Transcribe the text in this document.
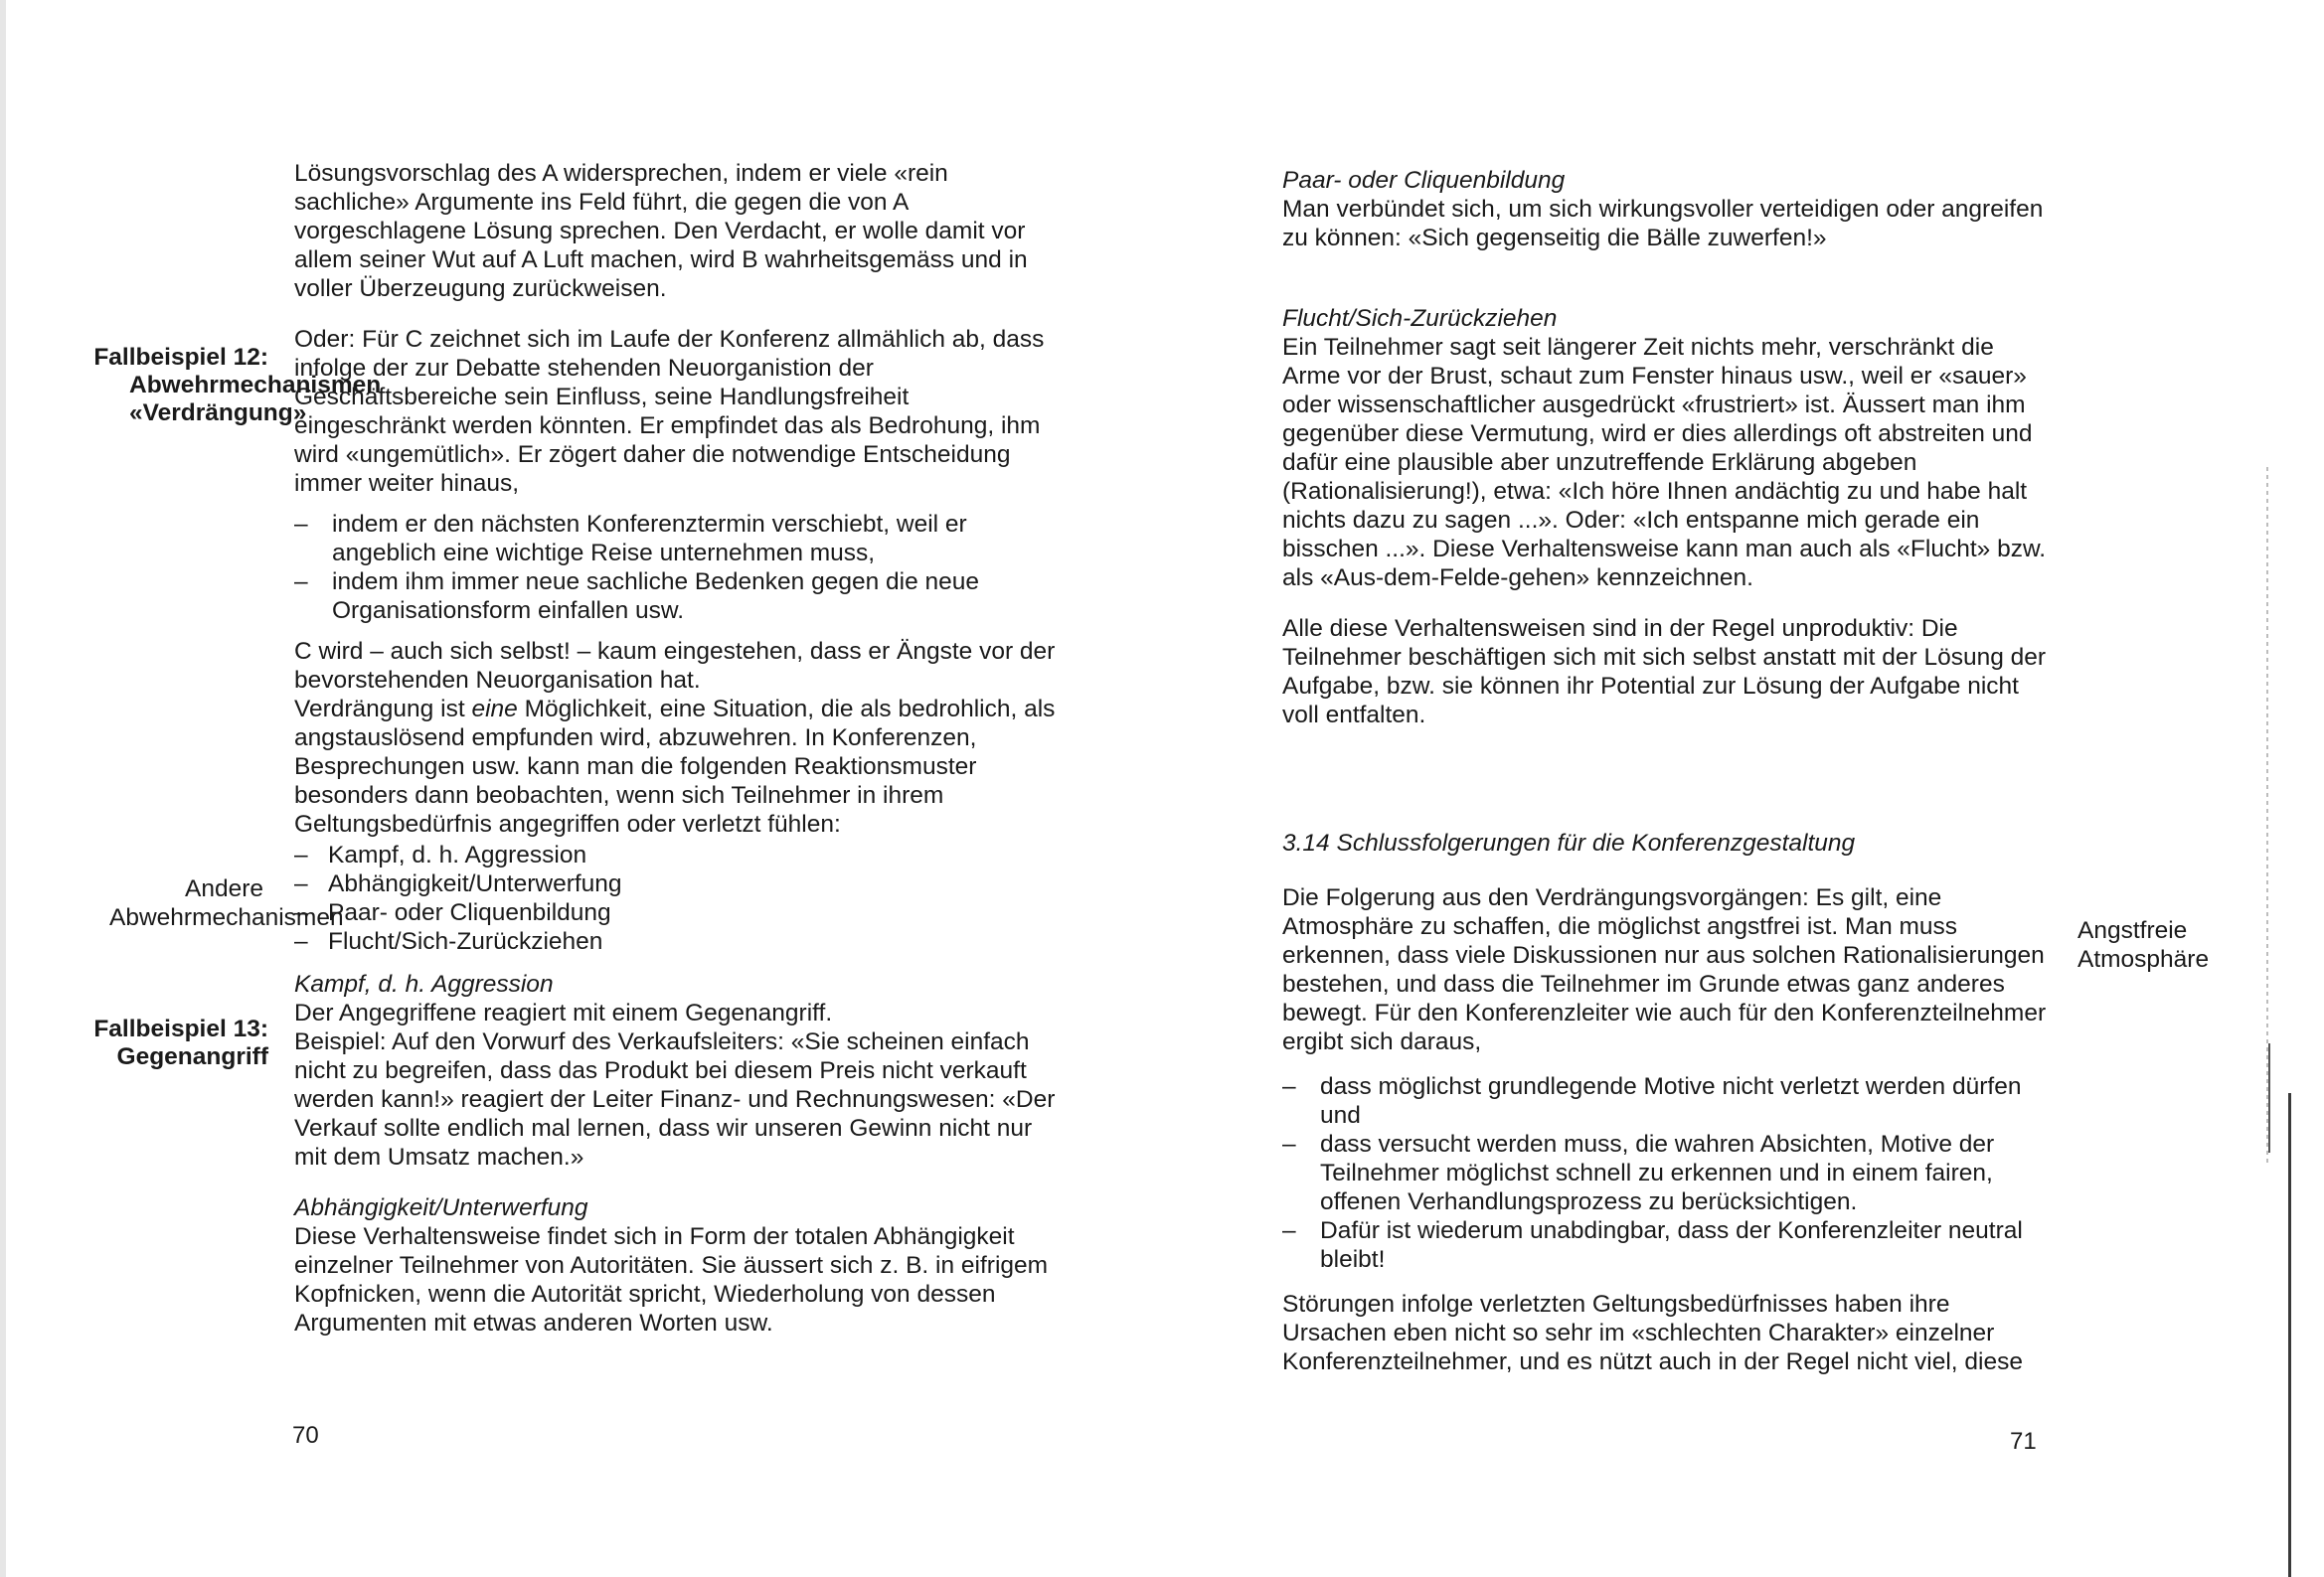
Lösungsvorschlag des A widersprechen, indem er viele «rein sachliche» Argumente ins Feld führt, die gegen die von A vorgeschlagene Lösung sprechen. Den Verdacht, er wolle damit vor allem seiner Wut auf A Luft machen, wird B wahrheitsgemäss und in voller Überzeugung zurückweisen.

Oder: Für C zeichnet sich im Laufe der Konferenz allmählich ab, dass infolge der zur Debatte stehenden Neuorganistion der Geschäftsbereiche sein Einfluss, seine Handlungsfreiheit eingeschränkt werden könnten. Er empfindet das als Bedrohung, ihm wird «ungemütlich». Er zögert daher die notwendige Entscheidung immer weiter hinaus,

– indem er den nächsten Konferenztermin verschiebt, weil er angeblich eine wichtige Reise unternehmen muss,
– indem ihm immer neue sachliche Bedenken gegen die neue Organisationsform einfallen usw.

C wird – auch sich selbst! – kaum eingestehen, dass er Ängste vor der bevorstehenden Neuorganisation hat.

Verdrängung ist eine Möglichkeit, eine Situation, die als bedrohlich, als angstauslösend empfunden wird, abzuwehren. In Konferenzen, Besprechungen usw. kann man die folgenden Reaktionsmuster besonders dann beobachten, wenn sich Teilnehmer in ihrem Geltungsbedürfnis angegriffen oder verletzt fühlen:

– Kampf, d. h. Aggression
– Abhängigkeit/Unterwerfung
– Paar- oder Cliquenbildung
– Flucht/Sich-Zurückziehen

Kampf, d. h. Aggression

Der Angegriffene reagiert mit einem Gegenangriff.

Beispiel: Auf den Vorwurf des Verkaufsleiters: «Sie scheinen einfach nicht zu begreifen, dass das Produkt bei diesem Preis nicht verkauft werden kann!» reagiert der Leiter Finanz- und Rechnungswesen: «Der Verkauf sollte endlich mal lernen, dass wir unseren Gewinn nicht nur mit dem Umsatz machen.»

Abhängigkeit/Unterwerfung

Diese Verhaltensweise findet sich in Form der totalen Abhängigkeit einzelner Teilnehmer von Autoritäten. Sie äussert sich z. B. in eifrigem Kopfnicken, wenn die Autorität spricht, Wiederholung von dessen Argumenten mit etwas anderen Worten usw.

Fallbeispiel 12:
Abwehrmechanismen «Verdrängung»
Andere Abwehrmechanismen
Fallbeispiel 13:
Gegenangriff
70

Paar- oder Cliquenbildung

Man verbündet sich, um sich wirkungsvoller verteidigen oder angreifen zu können: «Sich gegenseitig die Bälle zuwerfen!»

Flucht/Sich-Zurückziehen

Ein Teilnehmer sagt seit längerer Zeit nichts mehr, verschränkt die Arme vor der Brust, schaut zum Fenster hinaus usw., weil er «sauer» oder wissenschaftlicher ausgedrückt «frustriert» ist. Äussert man ihm gegenüber diese Vermutung, wird er dies allerdings oft abstreiten und dafür eine plausible aber unzutreffende Erklärung abgeben (Rationalisierung!), etwa: «Ich höre Ihnen andächtig zu und habe halt nichts dazu zu sagen ...». Oder: «Ich entspanne mich gerade ein bisschen ...». Diese Verhaltensweise kann man auch als «Flucht» bzw. als «Aus-dem-Felde-gehen» kennzeichnen.

Alle diese Verhaltensweisen sind in der Regel unproduktiv: Die Teilnehmer beschäftigen sich mit sich selbst anstatt mit der Lösung der Aufgabe, bzw. sie können ihr Potential zur Lösung der Aufgabe nicht voll entfalten.

3.14 Schlussfolgerungen für die Konferenzgestaltung

Die Folgerung aus den Verdrängungsvorgängen: Es gilt, eine Atmosphäre zu schaffen, die möglichst angstfrei ist. Man muss erkennen, dass viele Diskussionen nur aus solchen Rationalisierungen bestehen, und dass die Teilnehmer im Grunde etwas ganz anderes bewegt. Für den Konferenzleiter wie auch für den Konferenzteilnehmer ergibt sich daraus,

– dass möglichst grundlegende Motive nicht verletzt werden dürfen und
– dass versucht werden muss, die wahren Absichten, Motive der Teilnehmer möglichst schnell zu erkennen und in einem fairen, offenen Verhandlungsprozess zu berücksichtigen.
– Dafür ist wiederum unabdingbar, dass der Konferenzleiter neutral bleibt!

Störungen infolge verletzten Geltungsbedürfnisses haben ihre Ursachen eben nicht so sehr im «schlechten Charakter» einzelner Konferenzteilnehmer, und es nützt auch in der Regel nicht viel, diese

Angstfreie Atmosphäre
71
